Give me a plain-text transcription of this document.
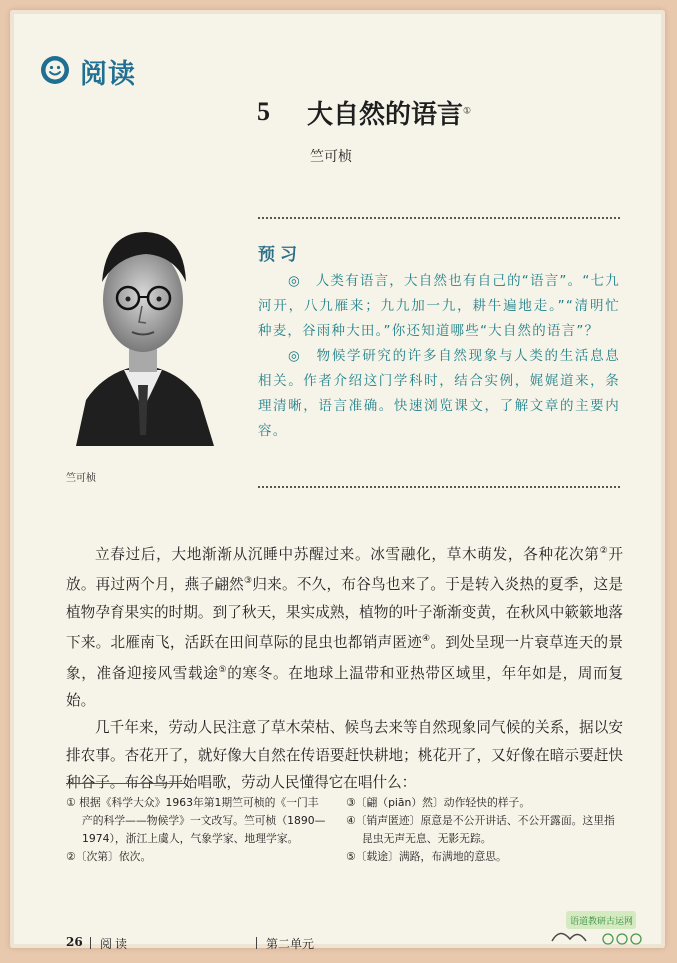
阅读
5 大自然的语言①
竺可桢
竺可桢
预习

◎　人类有语言，大自然也有自己的“语言”。“七九河开，八九雁来；九九加一九，耕牛遍地走。”“清明忙种麦，谷雨种大田。”你还知道哪些“大自然的语言”？

◎　物候学研究的许多自然现象与人类的生活息息相关。作者介绍这门学科时，结合实例，娓娓道来，条理清晰，语言准确。快速浏览课文，了解文章的主要内容。

立春过后，大地渐渐从沉睡中苏醒过来。冰雪融化，草木萌发，各种花次第②开放。再过两个月，燕子翩然③归来。不久，布谷鸟也来了。于是转入炎热的夏季，这是植物孕育果实的时期。到了秋天，果实成熟，植物的叶子渐渐变黄，在秋风中簌簌地落下来。北雁南飞，活跃在田间草际的昆虫也都销声匿迹④。到处呈现一片衰草连天的景象，准备迎接风雪载途⑤的寒冬。在地球上温带和亚热带区域里，年年如是，周而复始。

几千年来，劳动人民注意了草木荣枯、候鸟去来等自然现象同气候的关系，据以安排农事。杏花开了，就好像大自然在传语要赶快耕地；桃花开了，又好像在暗示要赶快种谷子。布谷鸟开始唱歌，劳动人民懂得它在唱什么：

① 根据《科学大众》1963年第1期竺可桢的《一门丰产的科学——物候学》一文改写。竺可桢（1890—1974），浙江上虞人，气象学家、地理学家。

②〔次第〕依次。

③〔翩（piān）然〕动作轻快的样子。

④〔销声匿迹〕原意是不公开讲话、不公开露面。这里指昆虫无声无息、无影无踪。

⑤〔载途〕满路，布满地的意思。

26 阅读	第二单元
语道教研古运网
